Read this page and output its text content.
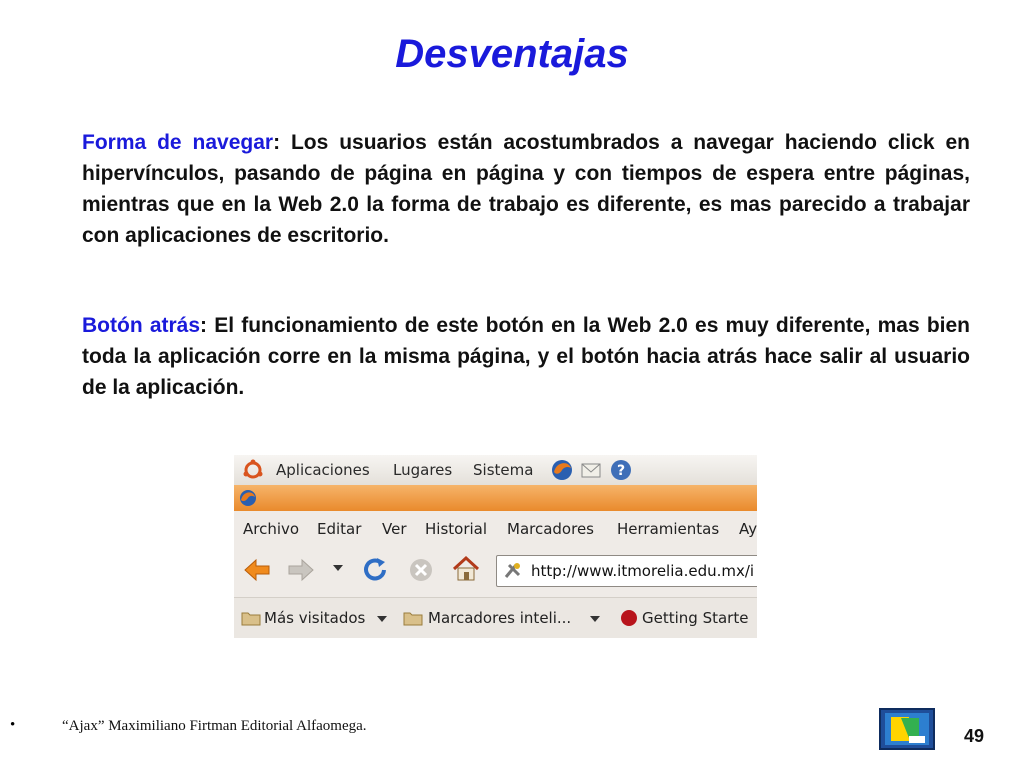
Desventajas

Forma de navegar: Los usuarios están acostumbrados a navegar haciendo click en hipervínculos, pasando de página en página y con tiempos de espera entre páginas, mientras que en la Web 2.0 la forma de trabajo es diferente, es mas parecido a trabajar con aplicaciones de escritorio.

Botón atrás: El funcionamiento de este botón en la Web 2.0 es muy diferente, mas bien toda la aplicación corre en la misma página, y el botón hacia atrás hace salir al usuario de la aplicación.

Aplicaciones Lugares Sistema	?
Archivo Editar Ver Historial Marcadores Herramientas Ay
http://www.itmorelia.edu.mx/i
Más visitados	Marcadores inteli...	Getting Starte
•	“Ajax” Maximiliano Firtman Editorial Alfaomega.	49
